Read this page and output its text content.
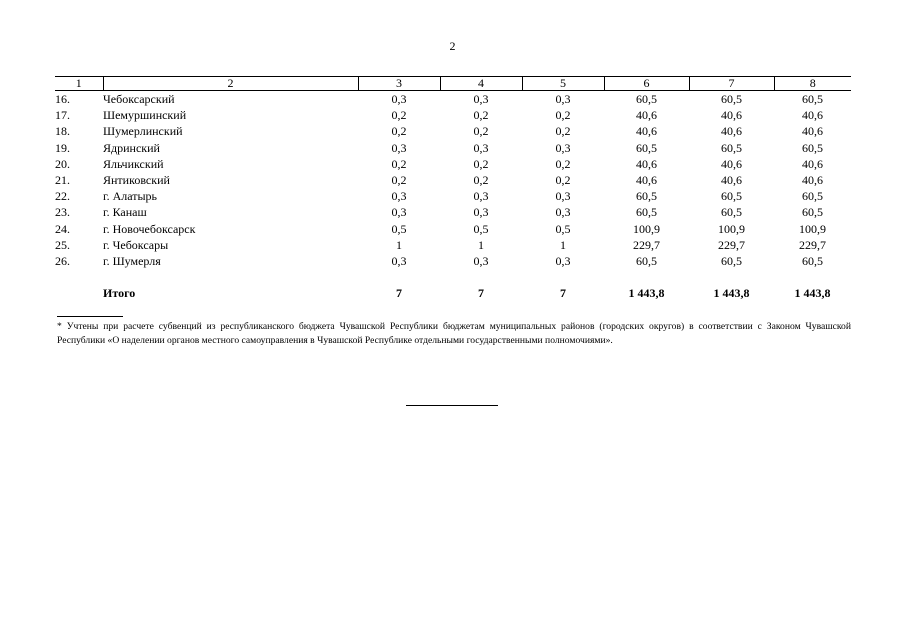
2
1	2	3	4	5	6	7	8
16.	Чебоксарский	0,3	0,3	0,3	60,5	60,5	60,5
17.	Шемуршинский	0,2	0,2	0,2	40,6	40,6	40,6
18.	Шумерлинский	0,2	0,2	0,2	40,6	40,6	40,6
19.	Ядринский	0,3	0,3	0,3	60,5	60,5	60,5
20.	Яльчикский	0,2	0,2	0,2	40,6	40,6	40,6
21.	Янтиковский	0,2	0,2	0,2	40,6	40,6	40,6
22.	г. Алатырь	0,3	0,3	0,3	60,5	60,5	60,5
23.	г. Канаш	0,3	0,3	0,3	60,5	60,5	60,5
24.	г. Новочебоксарск	0,5	0,5	0,5	100,9	100,9	100,9
25.	г. Чебоксары	1	1	1	229,7	229,7	229,7
26.	г. Шумерля	0,3	0,3	0,3	60,5	60,5	60,5

	Итого	7	7	7	1 443,8	1 443,8	1 443,8
* Учтены при расчете субвенций из республиканского бюджета Чувашской Республики бюджетам муниципальных районов (городских округов) в соответствии с Законом Чувашской Республики «О наделении органов местного самоуправления в Чувашской Республике отдельными государственными полномочиями».
